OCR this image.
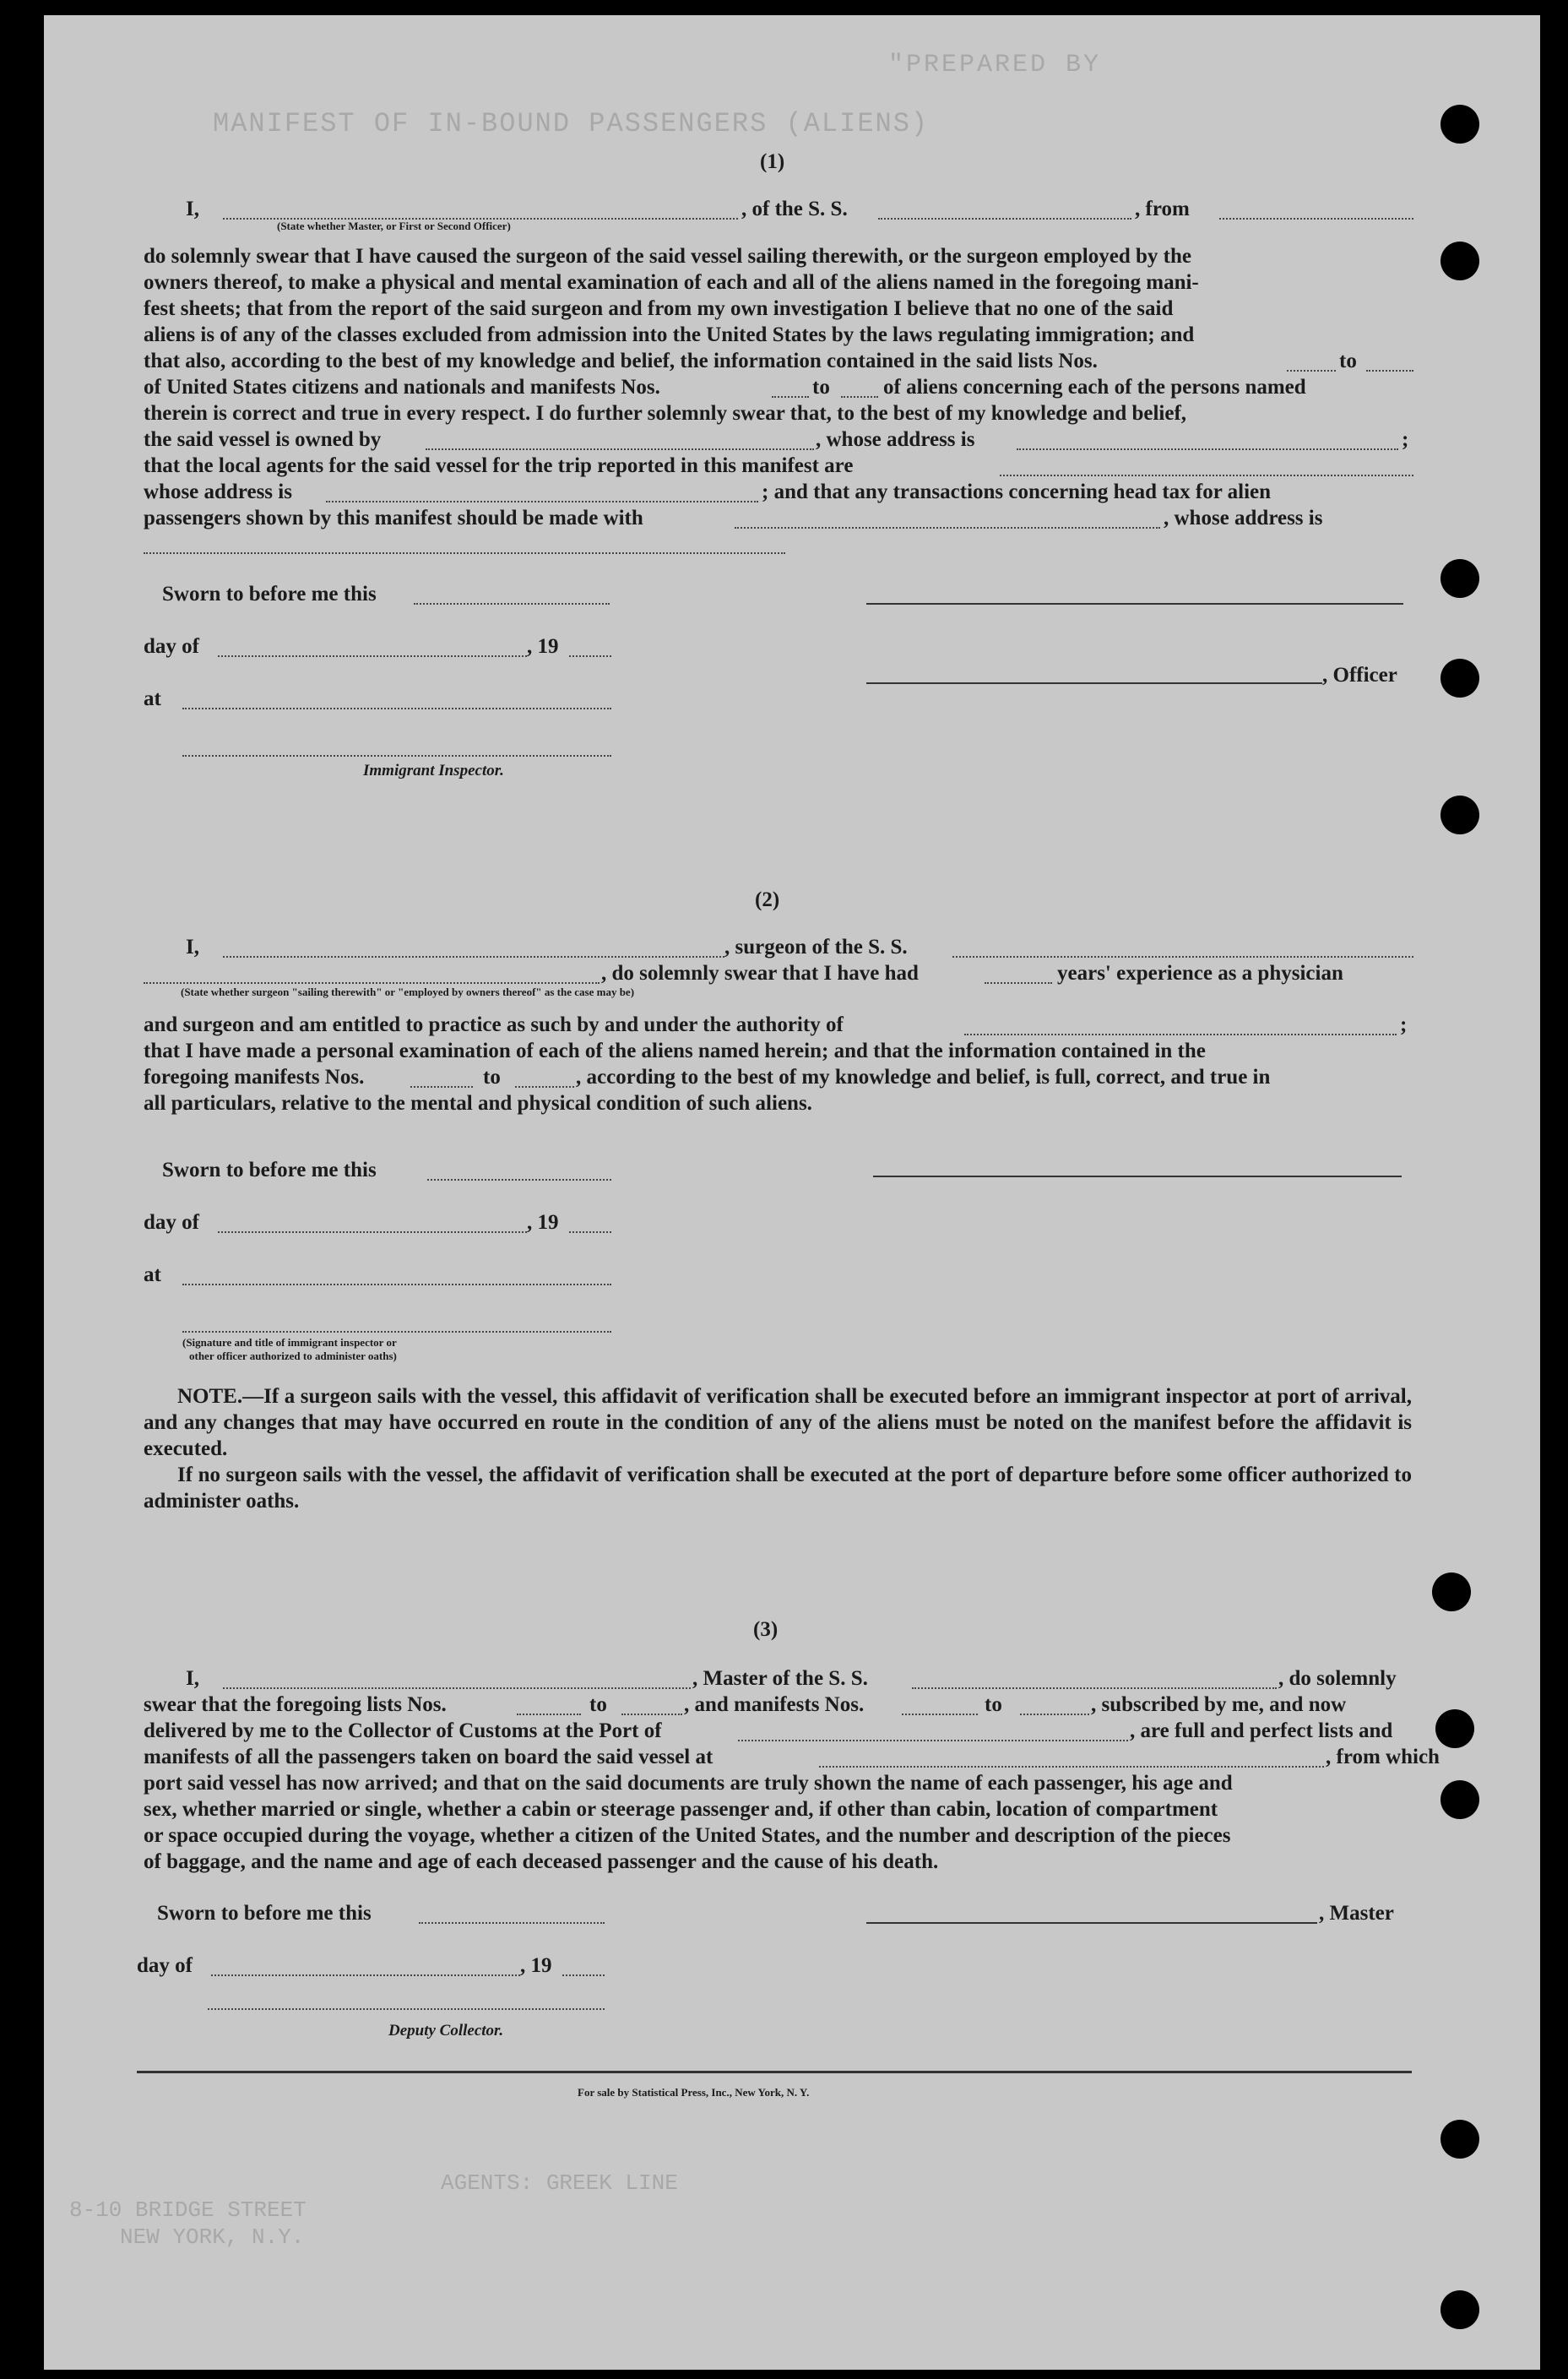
"PREPARED BY
MANIFEST OF IN-BOUND PASSENGERS (ALIENS)
AGENTS: GREEK LINE
8-10 BRIDGE STREET
NEW YORK, N.Y.
(1)
I,	, of the S. S.	, from
(State whether Master, or First or Second Officer)
do solemnly swear that I have caused the surgeon of the said vessel sailing therewith, or the surgeon employed by the
owners thereof, to make a physical and mental examination of each and all of the aliens named in the foregoing mani-
fest sheets; that from the report of the said surgeon and from my own investigation I believe that no one of the said
aliens is of any of the classes excluded from admission into the United States by the laws regulating immigration; and
that also, according to the best of my knowledge and belief, the information contained in the said lists Nos.	to
of United States citizens and nationals and manifests Nos.	to	of aliens concerning each of the persons named
therein is correct and true in every respect. I do further solemnly swear that, to the best of my knowledge and belief,
the said vessel is owned by	, whose address is	;
that the local agents for the said vessel for the trip reported in this manifest are
whose address is	; and that any transactions concerning head tax for alien
passengers shown by this manifest should be made with	, whose address is
Sworn to before me this
day of	, 19
, Officer
at
Immigrant Inspector.
(2)
I,	, surgeon of the S. S.
, do solemnly swear that I have had	years' experience as a physician
(State whether surgeon "sailing therewith" or "employed by owners thereof" as the case may be)
and surgeon and am entitled to practice as such by and under the authority of	;
that I have made a personal examination of each of the aliens named herein; and that the information contained in the
foregoing manifests Nos.	to	, according to the best of my knowledge and belief, is full, correct, and true in
all particulars, relative to the mental and physical condition of such aliens.
Sworn to before me this
day of	, 19
at
(Signature and title of immigrant inspector or
other officer authorized to administer oaths)
NOTE.—If a surgeon sails with the vessel, this affidavit of verification shall be executed before an immigrant inspector at port of arrival, and any changes that may have occurred en route in the condition of any of the aliens must be noted on the manifest before the affidavit is executed.
If no surgeon sails with the vessel, the affidavit of verification shall be executed at the port of departure before some officer authorized to administer oaths.
(3)
I,	, Master of the S. S.	, do solemnly
swear that the foregoing lists Nos.	to	, and manifests Nos.	to	, subscribed by me, and now
delivered by me to the Collector of Customs at the Port of	, are full and perfect lists and
manifests of all the passengers taken on board the said vessel at	, from which
port said vessel has now arrived; and that on the said documents are truly shown the name of each passenger, his age and
sex, whether married or single, whether a cabin or steerage passenger and, if other than cabin, location of compartment
or space occupied during the voyage, whether a citizen of the United States, and the number and description of the pieces
of baggage, and the name and age of each deceased passenger and the cause of his death.
Sworn to before me this	, Master
day of	, 19
Deputy Collector.
For sale by Statistical Press, Inc., New York, N. Y.
